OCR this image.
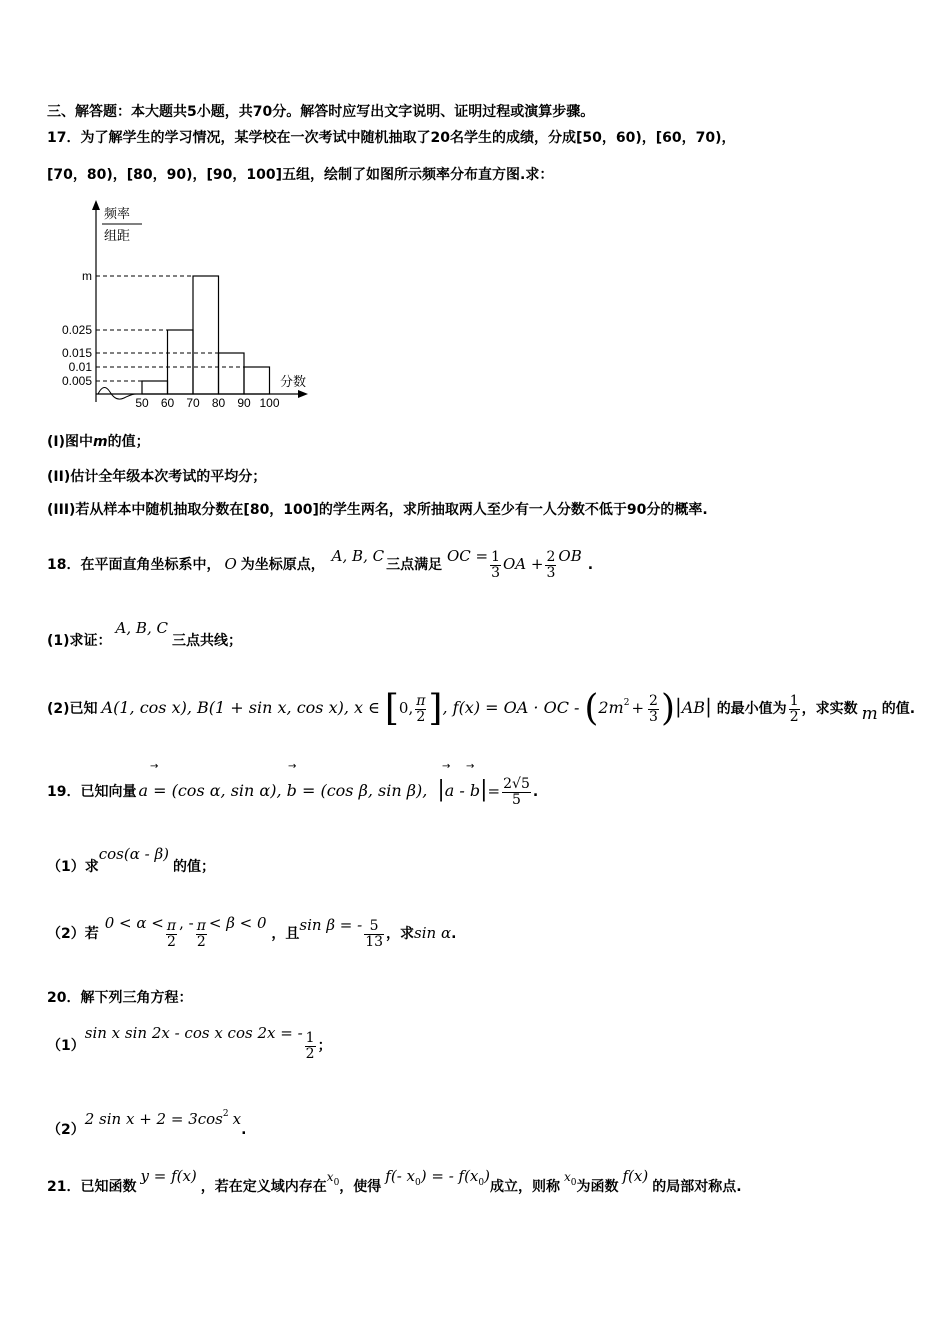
三、解答题：本大题共5小题，共70分。解答时应写出文字说明、证明过程或演算步骤。
17．为了解学生的学习情况，某学校在一次考试中随机抽取了20名学生的成绩，分成[50，60)，[60，70)，
[70，80)，[80，90)，[90，100]五组，绘制了如图所示频率分布直方图.求：
频率
组距
分数
0.005
0.01
0.015
0.025
m
50 60 70 80 90 100
(I)图中m的值；
(II)估计全年级本次考试的平均分；
(III)若从样本中随机抽取分数在[80，100]的学生两名，求所抽取两人至少有一人分数不低于90分的概率.
18．在平面直角坐标系中， O 为坐标原点， A, B, C 三点满足 OC = $\frac{1}{3}$ OA + $\frac{2}{3}$ OB .
(1)求证：A, B, C三点共线；
(2)已知 A(1, cos x), B(1 + sin x, cos x), x ∈ [0, $\frac{\pi}{2}$ ], f(x) = OA · OC - $(2m^2 + \frac{2}{3} )|AB|$ 的最小值为 $\frac{1}{2}$ ，求实数 m 的值.
19．已知向量 a = (cos α, sin α), b = (cos β, sin β), $|a - b|= \frac{2√5}{5}$ .
→	→	→ →
（1）求cos(α - β)的值；
（2）若$0 < \alpha < \frac{\pi}{2}$ , - $\frac{\pi}{2} < \beta < 0$ ，且sin β = - $\frac{5}{13}$ ，求sin α.
20．解下列三角方程：
（1）sin x sin 2x - cos x cos 2x = - $\frac{1}{2}$ ；
（2）2 $\sin x + 2 = 3\cos^2$ x.
21．已知函数y = f(x)，若在定义域内存在$x^0$，使得f(- $x^0$) = - $f(x^0)$成立，则称$x^0$为函数f(x)的局部对称点.
